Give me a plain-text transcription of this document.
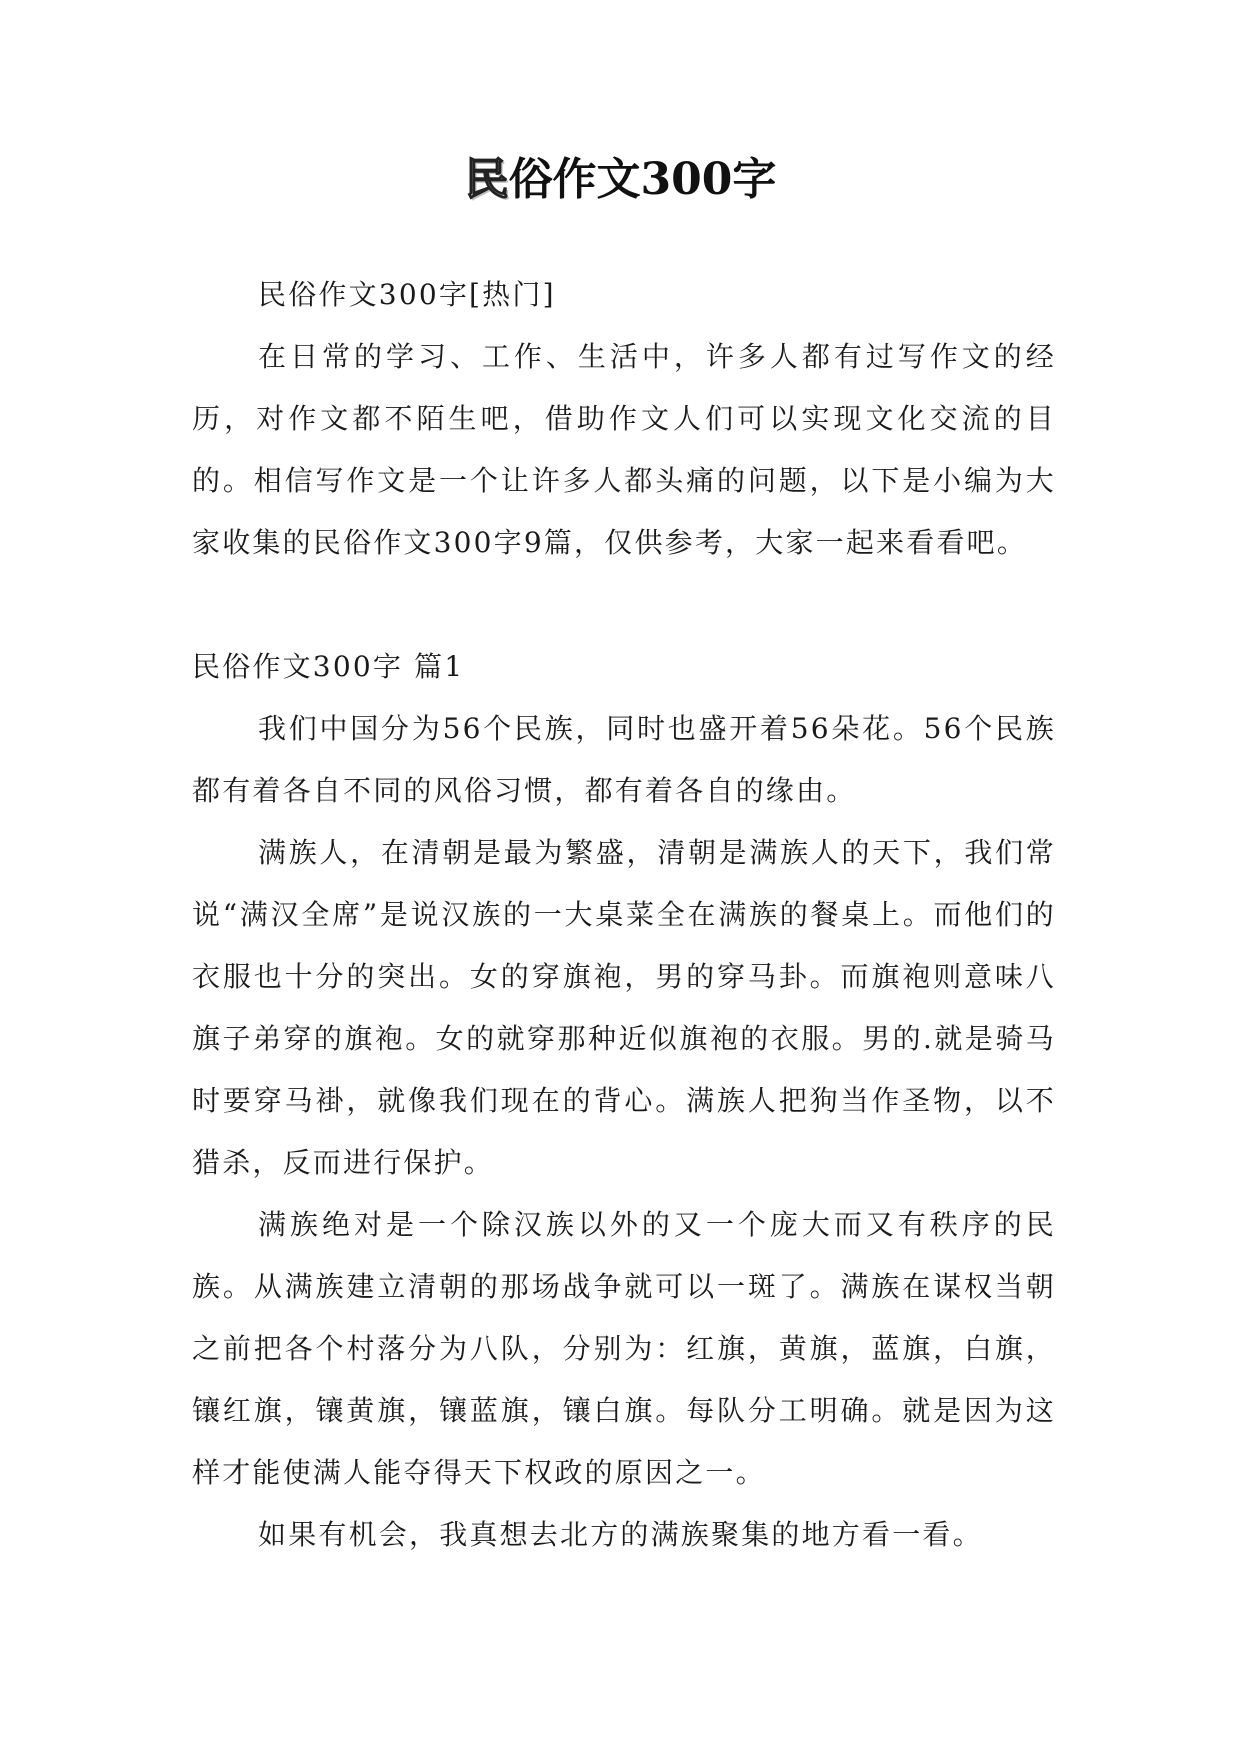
民俗作文300字

民俗作文300字[热门]

在日常的学习、工作、生活中，许多人都有过写作文的经历，对作文都不陌生吧，借助作文人们可以实现文化交流的目的。相信写作文是一个让许多人都头痛的问题，以下是小编为大家收集的民俗作文300字9篇，仅供参考，大家一起来看看吧。

民俗作文300字 篇1

我们中国分为56个民族，同时也盛开着56朵花。56个民族都有着各自不同的风俗习惯，都有着各自的缘由。

满族人，在清朝是最为繁盛，清朝是满族人的天下，我们常说“满汉全席”是说汉族的一大桌菜全在满族的餐桌上。而他们的衣服也十分的突出。女的穿旗袍，男的穿马卦。而旗袍则意味八旗子弟穿的旗袍。女的就穿那种近似旗袍的衣服。男的.就是骑马时要穿马褂，就像我们现在的背心。满族人把狗当作圣物，以不猎杀，反而进行保护。

满族绝对是一个除汉族以外的又一个庞大而又有秩序的民族。从满族建立清朝的那场战争就可以一斑了。满族在谋权当朝之前把各个村落分为八队，分别为：红旗，黄旗，蓝旗，白旗，镶红旗，镶黄旗，镶蓝旗，镶白旗。每队分工明确。就是因为这样才能使满人能夺得天下权政的原因之一。

如果有机会，我真想去北方的满族聚集的地方看一看。
